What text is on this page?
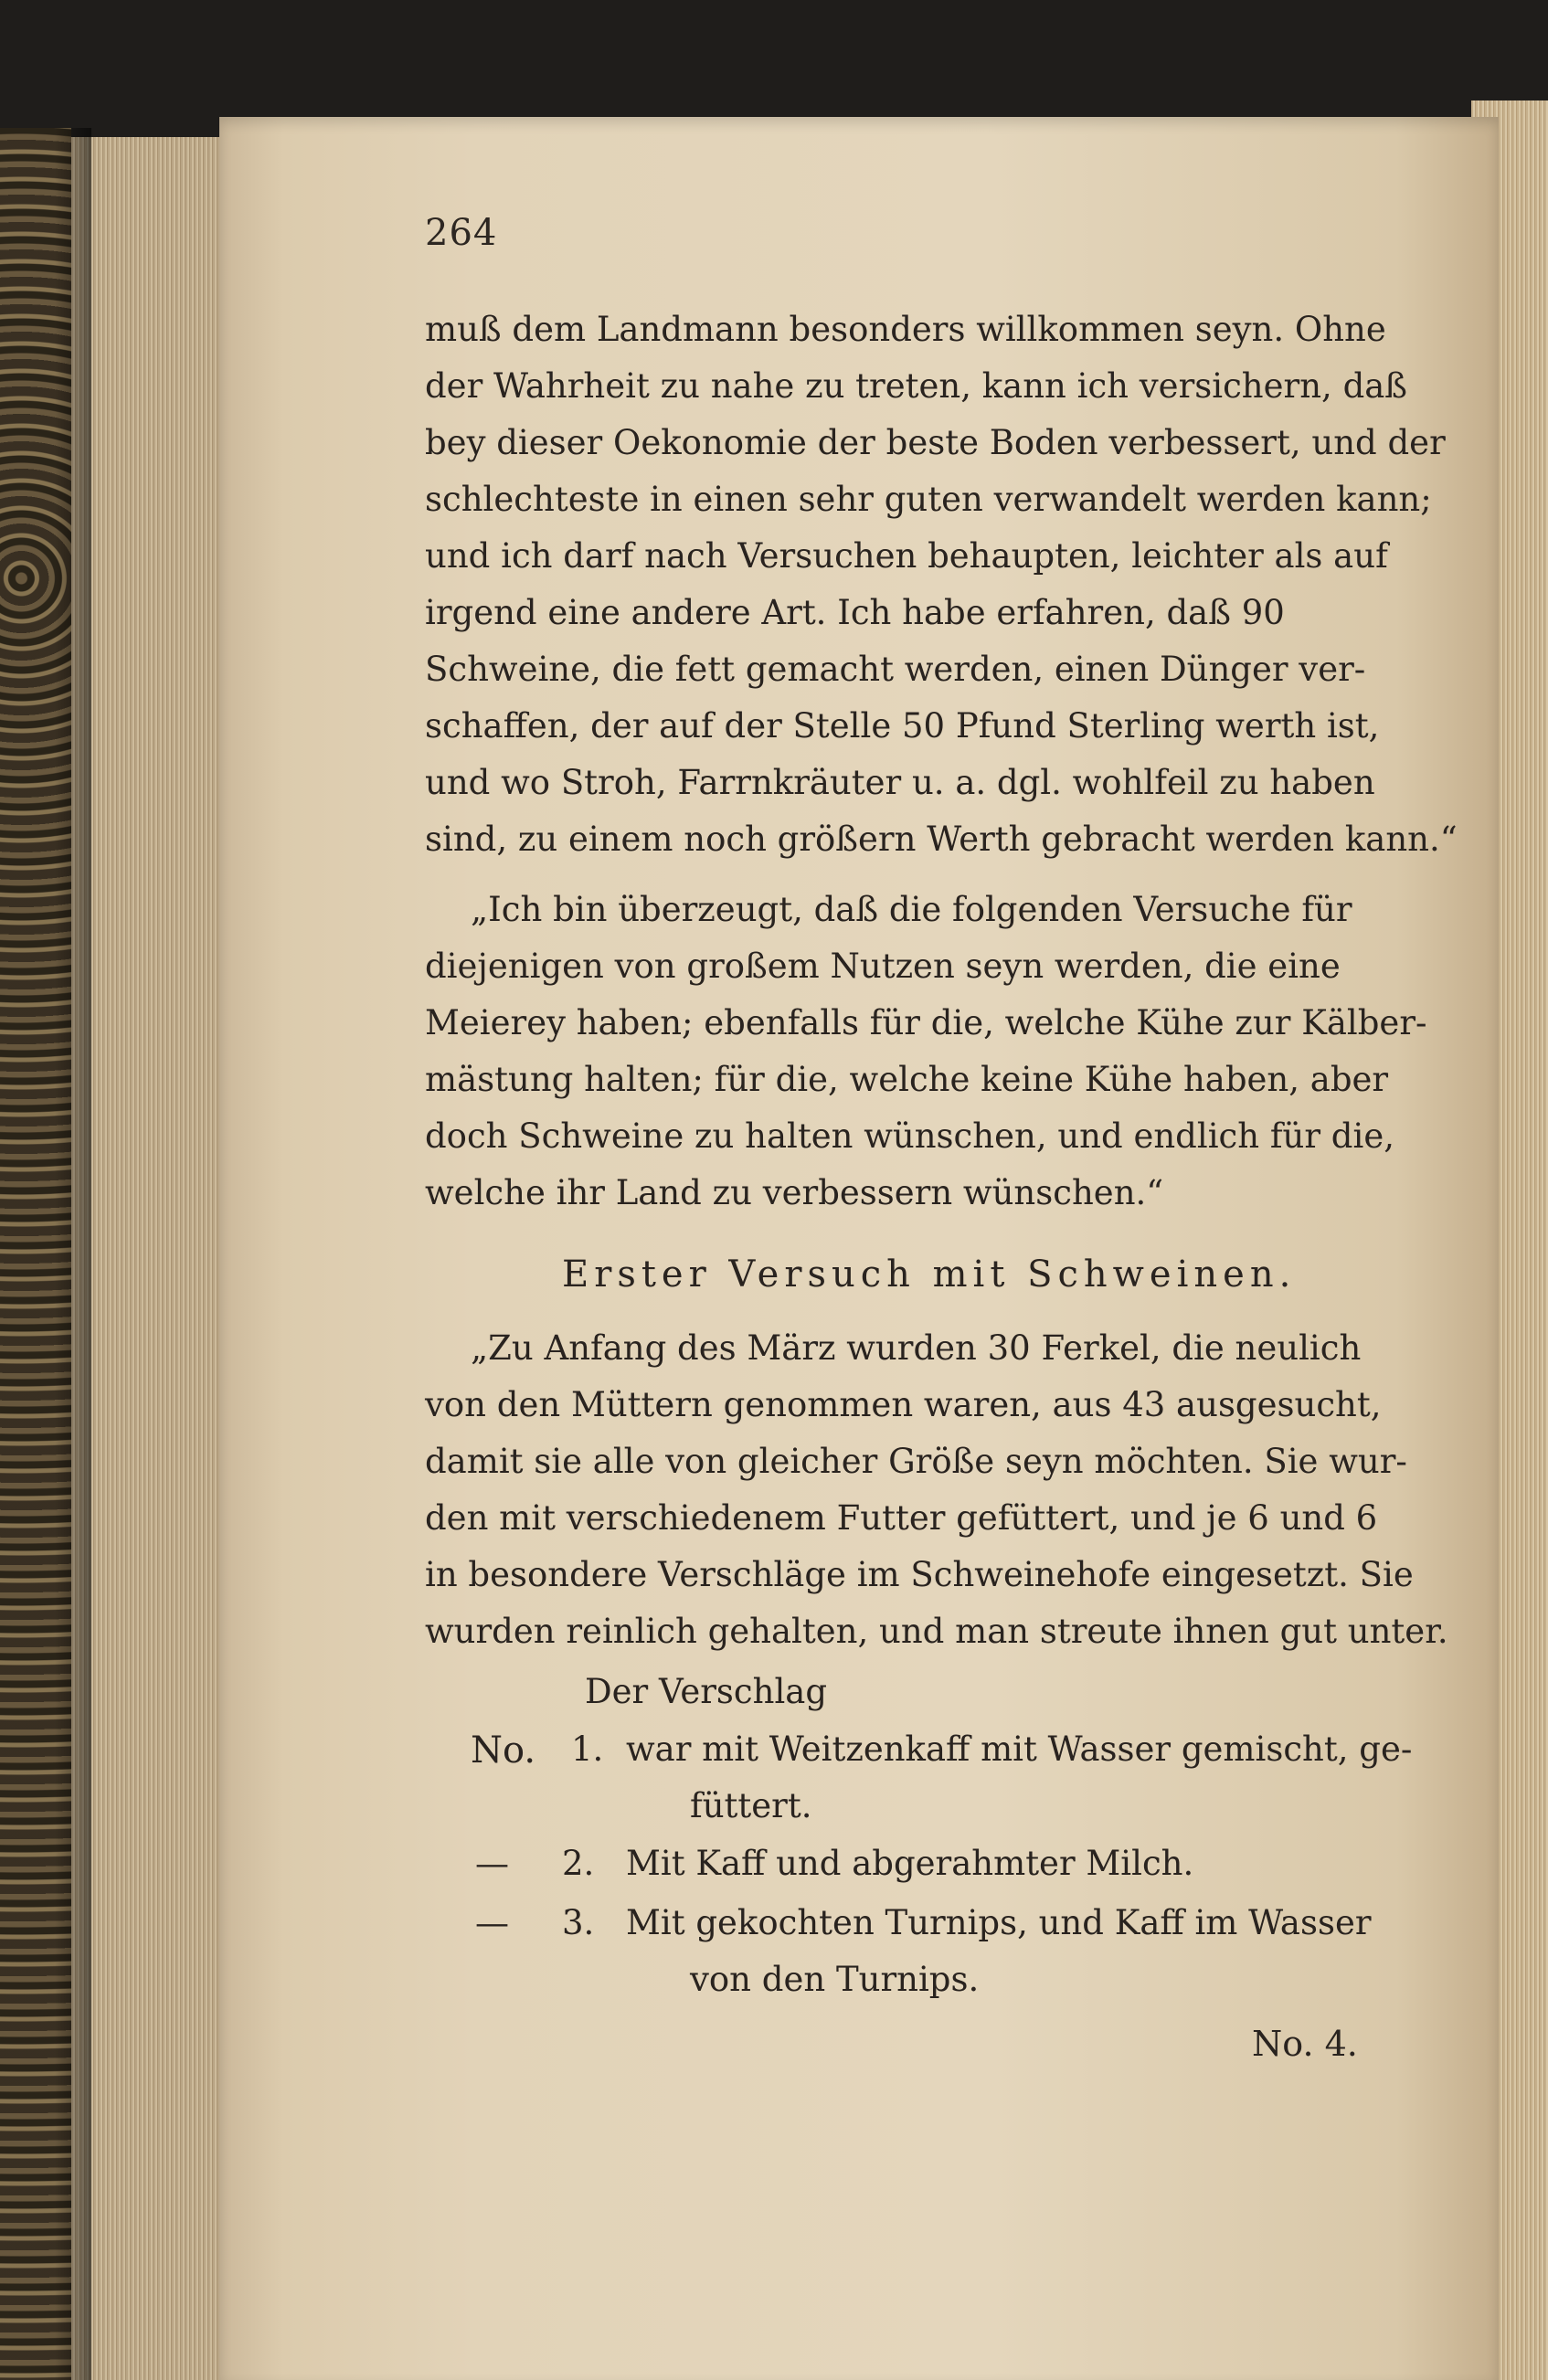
264
muß dem Landmann besonders willkommen seyn. Ohne
der Wahrheit zu nahe zu treten, kann ich versichern, daß
bey dieser Oekonomie der beste Boden verbessert, und der
schlechteste in einen sehr guten verwandelt werden kann;
und ich darf nach Versuchen behaupten, leichter als auf
irgend eine andere Art. Ich habe erfahren, daß 90
Schweine, die fett gemacht werden, einen Dünger ver-
schaffen, der auf der Stelle 50 Pfund Sterling werth ist,
und wo Stroh, Farrnkräuter u. a. dgl. wohlfeil zu haben
sind, zu einem noch größern Werth gebracht werden kann.“
„Ich bin überzeugt, daß die folgenden Versuche für
diejenigen von großem Nutzen seyn werden, die eine
Meierey haben; ebenfalls für die, welche Kühe zur Kälber-
mästung halten; für die, welche keine Kühe haben, aber
doch Schweine zu halten wünschen, und endlich für die,
welche ihr Land zu verbessern wünschen.“
Erster Versuch mit Schweinen.
„Zu Anfang des März wurden 30 Ferkel, die neulich
von den Müttern genommen waren, aus 43 ausgesucht,
damit sie alle von gleicher Größe seyn möchten. Sie wur-
den mit verschiedenem Futter gefüttert, und je 6 und 6
in besondere Verschläge im Schweinehofe eingesetzt. Sie
wurden reinlich gehalten, und man streute ihnen gut unter.
Der Verschlag
No. 1. war mit Weitzenkaff mit Wasser gemischt, ge-
füttert.
— 2. Mit Kaff und abgerahmter Milch.
— 3. Mit gekochten Turnips, und Kaff im Wasser
von den Turnips.
No. 4.
